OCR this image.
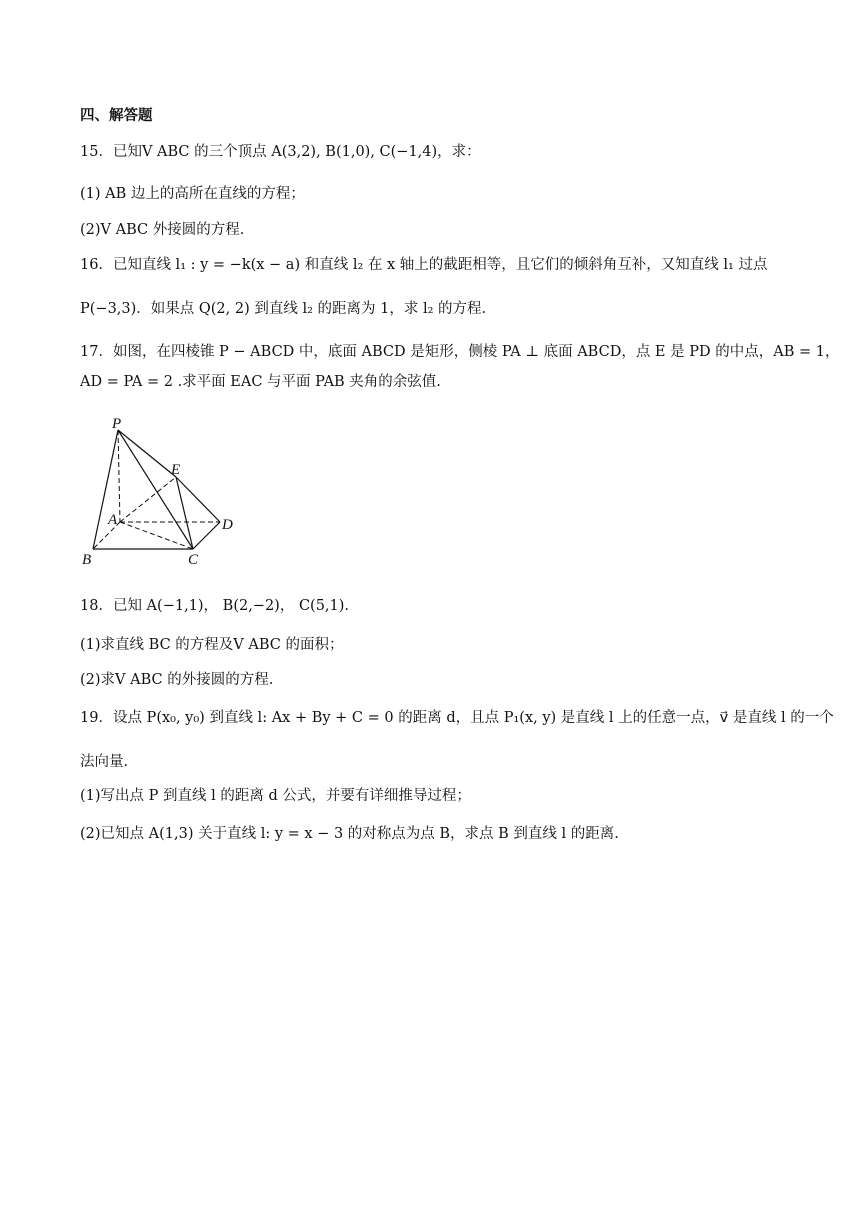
四、解答题
15．已知V ABC 的三个顶点 A(3,2), B(1,0), C(−1,4)，求：
(1) AB 边上的高所在直线的方程；
(2)V ABC 外接圆的方程.
16．已知直线 l₁ : y = −k(x − a) 和直线 l₂ 在 x 轴上的截距相等，且它们的倾斜角互补，又知直线 l₁ 过点
P(−3,3)．如果点 Q(2, 2) 到直线 l₂ 的距离为 1，求 l₂ 的方程.
17．如图，在四棱锥 P − ABCD 中，底面 ABCD 是矩形，侧棱 PA ⊥ 底面 ABCD，点 E 是 PD 的中点，AB = 1，
AD = PA = 2 .求平面 EAC 与平面 PAB 夹角的余弦值.
P
E
A	D
B	C
18．已知 A(−1,1)， B(2,−2)， C(5,1).
(1)求直线 BC 的方程及V ABC 的面积；
(2)求V ABC 的外接圆的方程.
19．设点 P(x₀, y₀) 到直线 l: Ax + By + C = 0 的距离 d，且点 P₁(x, y) 是直线 l 上的任意一点，v⃗ 是直线 l 的一个
法向量.
(1)写出点 P 到直线 l 的距离 d 公式，并要有详细推导过程；
(2)已知点 A(1,3) 关于直线 l: y = x − 3 的对称点为点 B，求点 B 到直线 l 的距离.
